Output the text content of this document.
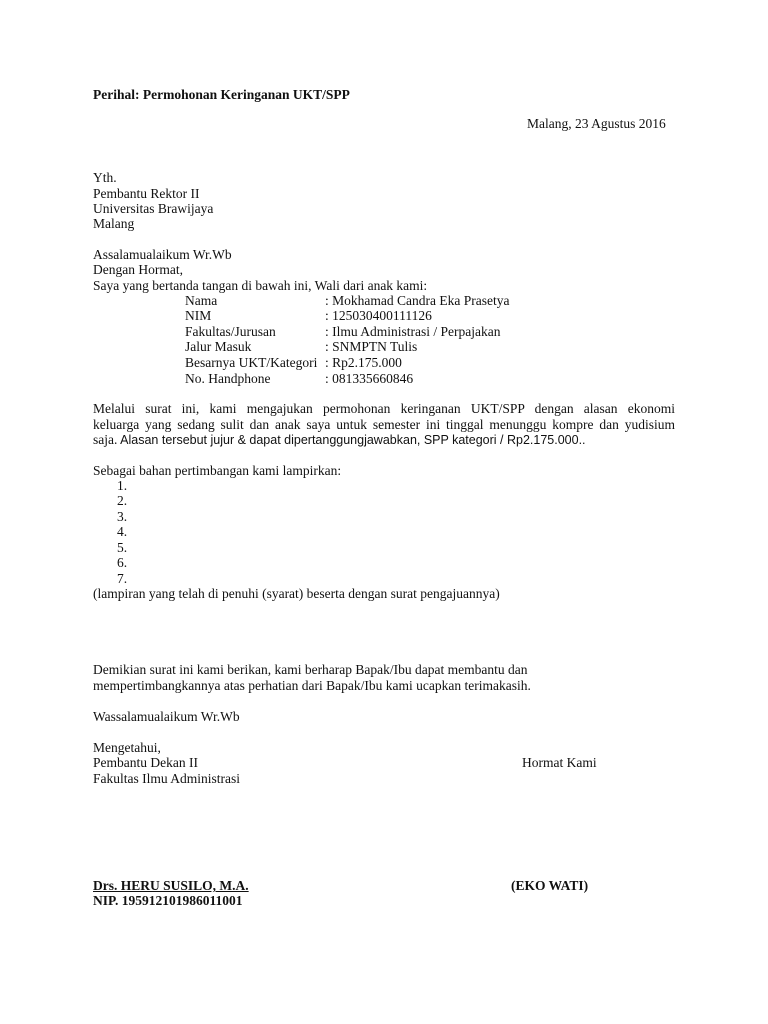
Perihal: Permohonan Keringanan UKT/SPP
Malang, 23 Agustus 2016
Yth.
Pembantu Rektor II
Universitas Brawijaya
Malang
Assalamualaikum Wr.Wb
Dengan Hormat,
Saya yang bertanda tangan di bawah ini, Wali dari anak kami:
Nama	: Mokhamad Candra Eka Prasetya
NIM	: 125030400111126
Fakultas/Jurusan	: Ilmu Administrasi / Perpajakan
Jalur Masuk	: SNMPTN Tulis
Besarnya UKT/Kategori : Rp2.175.000
No. Handphone	: 081335660846
Melalui surat ini, kami mengajukan permohonan keringanan UKT/SPP dengan alasan ekonomi
keluarga yang sedang sulit dan anak saya untuk semester ini tinggal menunggu kompre dan yudisium
saja. Alasan tersebut jujur & dapat dipertanggungjawabkan, SPP kategori / Rp2.175.000..
Sebagai bahan pertimbangan kami lampirkan:
1.
2.
3.
4.
5.
6.
7.
(lampiran yang telah di penuhi (syarat) beserta dengan surat pengajuannya)
Demikian surat ini kami berikan, kami berharap Bapak/Ibu dapat membantu dan
mempertimbangkannya atas perhatian dari Bapak/Ibu kami ucapkan terimakasih.
Wassalamualaikum Wr.Wb
Mengetahui,
Pembantu Dekan II
Fakultas Ilmu Administrasi
Drs. HERU SUSILO, M.A.
NIP. 195912101986011001
Hormat Kami
(EKO WATI)
